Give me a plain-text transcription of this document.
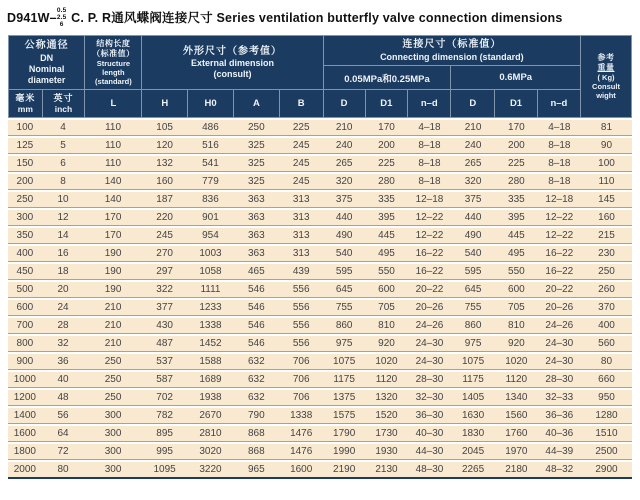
D941W–
0.5
2.5
6 C. P. R通风蝶阀连接尺寸 Series ventilation butterfly valve connection dimensions
公称通径
DN
Nominal
diameter		结构长度
（标准值）
Structure
length
(standard)	外形尺寸（参考值）
External dimension
(consult)				连接尺寸（标准值）
Connecting dimension (standard)						参考
重量
( Kg)
Consult
wight

							0.05MPa和0.25MPa			0.6MPa			

毫米
mm	英寸
inch	L	H	H0	A	B	D	D1	n–d	D	D1	n–d	
100	4	110	105	486	250	225	210	170	4–18	210	170	4–18	81
125	5	110	120	516	325	245	240	200	8–18	240	200	8–18	90
150	6	110	132	541	325	245	265	225	8–18	265	225	8–18	100
200	8	140	160	779	325	245	320	280	8–18	320	280	8–18	110
250	10	140	187	836	363	313	375	335	12–18	375	335	12–18	145
300	12	170	220	901	363	313	440	395	12–22	440	395	12–22	160
350	14	170	245	954	363	313	490	445	12–22	490	445	12–22	215
400	16	190	270	1003	363	313	540	495	16–22	540	495	16–22	230
450	18	190	297	1058	465	439	595	550	16–22	595	550	16–22	250
500	20	190	322	1111	546	556	645	600	20–22	645	600	20–22	260
600	24	210	377	1233	546	556	755	705	20–26	755	705	20–26	370
700	28	210	430	1338	546	556	860	810	24–26	860	810	24–26	400
800	32	210	487	1452	546	556	975	920	24–30	975	920	24–30	560
900	36	250	537	1588	632	706	1075	1020	24–30	1075	1020	24–30	80
1000	40	250	587	1689	632	706	1175	1120	28–30	1175	1120	28–30	660
1200	48	250	702	1938	632	706	1375	1320	32–30	1405	1340	32–33	950
1400	56	300	782	2670	790	1338	1575	1520	36–30	1630	1560	36–36	1280
1600	64	300	895	2810	868	1476	1790	1730	40–30	1830	1760	40–36	1510
1800	72	300	995	3020	868	1476	1990	1930	44–30	2045	1970	44–39	2500
2000	80	300	1095	3220	965	1600	2190	2130	48–30	2265	2180	48–32	2900
